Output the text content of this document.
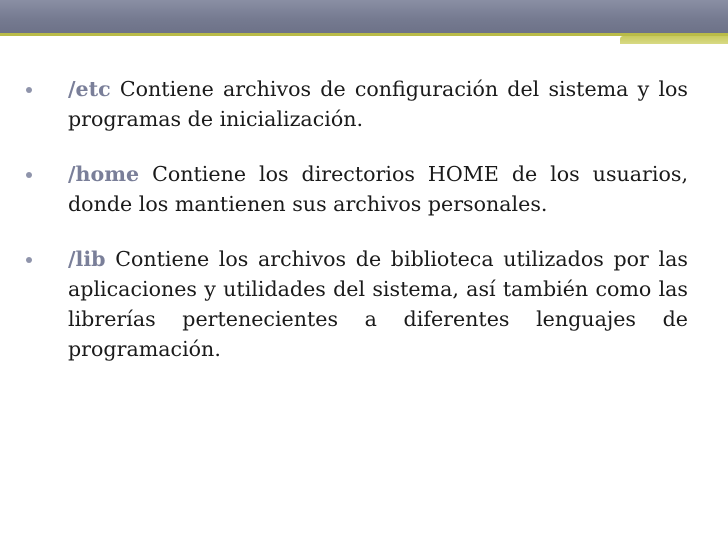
/etc Contiene archivos de configuración del sistema y los programas de inicialización.
/home Contiene los directorios HOME de los usuarios, donde los mantienen sus archivos personales.
/lib Contiene los archivos de biblioteca utilizados por las aplicaciones y utilidades del sistema, así también como las librerías pertenecientes a diferentes lenguajes de programación.
